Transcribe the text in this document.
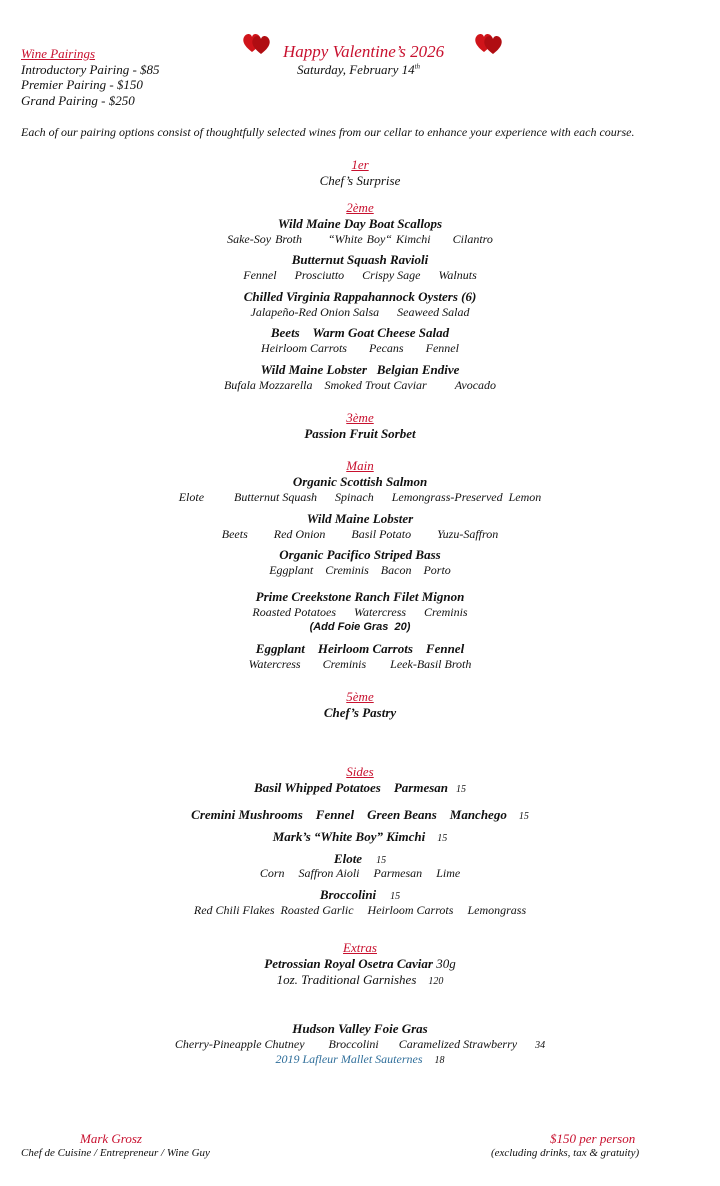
Wine Pairings
Introductory Pairing - $85
Premier Pairing - $150
Grand Pairing - $250
Happy Valentine’s 2026
Saturday, February 14th
Each of our pairing options consist of thoughtfully selected wines from our cellar to enhance your experience with each course.
1er
Chef’s Surprise
2ème
Wild Maine Day Boat Scallops
Sake-Soy Broth “White Boy“ Kimchi Cilantro
Butternut Squash Ravioli
Fennel Prosciutto Crispy Sage Walnuts
Chilled Virginia Rappahannock Oysters (6)
Jalapeño-Red Onion Salsa Seaweed Salad
Beets    Warm Goat Cheese Salad
Heirloom Carrots Pecans Fennel
Wild Maine Lobster   Belgian Endive
Bufala Mozzarella Smoked Trout Caviar Avocado
3ème
Passion Fruit Sorbet
Main
Organic Scottish Salmon
Elote	Butternut Squash Spinach Lemongrass-Preserved  Lemon
Wild Maine Lobster
Beets Red Onion Basil Potato Yuzu-Saffron
Organic Pacifico Striped Bass
Eggplant Creminis Bacon Porto
Prime Creekstone Ranch Filet Mignon
Roasted Potatoes Watercress Creminis
(Add Foie Gras  20)
Eggplant    Heirloom Carrots    Fennel
Watercress Creminis Leek-Basil Broth
5ème
Chef’s Pastry
Sides
Basil Whipped Potatoes    Parmesan 15
Cremini Mushrooms    Fennel    Green Beans    Manchego 15
Mark’s “White Boy” Kimchi 15
Elote 15
Corn Saffron Aioli Parmesan Lime
Broccolini 15
Red Chili Flakes Roasted Garlic Heirloom Carrots Lemongrass
Extras
Petrossian Royal Osetra Caviar 30g
1oz. Traditional Garnishes 120
Hudson Valley Foie Gras
Cherry-Pineapple Chutney Broccolini Caramelized Strawberry 34
2019 Lafleur Mallet Sauternes 18
Mark Grosz
Chef de Cuisine / Entrepreneur / Wine Guy
$150 per person
(excluding drinks, tax & gratuity)
